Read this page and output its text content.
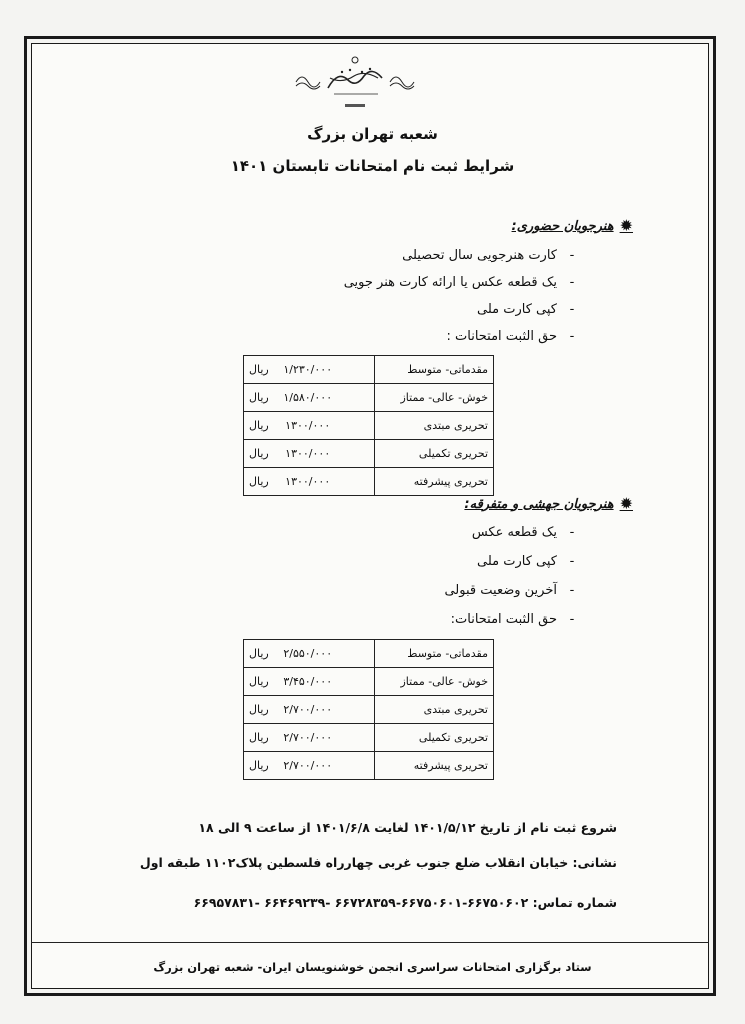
شعبه تهران بزرگ
شرایط ثبت نام امتحانات تابستان ۱۴۰۱
✹
هنرجویان حضوری:
-
کارت هنرجویی سال تحصیلی
-
یک قطعه عکس یا ارائه کارت هنر جویی
-
کپی کارت ملی
-
حق الثبت امتحانات :
مقدماتی- متوسط	۱/۲۳۰/۰۰۰ریال
خوش- عالی- ممتاز	۱/۵۸۰/۰۰۰ریال
تحریری مبتدی	۱۳۰۰/۰۰۰ریال
تحریری تکمیلی	۱۳۰۰/۰۰۰ریال
تحریری پیشرفته	۱۳۰۰/۰۰۰ریال
✹
هنرجویان جهشی و متفرقه:
-
یک قطعه عکس
-
کپی کارت ملی
-
آخرین وضعیت قبولی
-
حق الثبت امتحانات:
مقدماتی- متوسط	۲/۵۵۰/۰۰۰ریال
خوش- عالی- ممتاز	۳/۴۵۰/۰۰۰ریال
تحریری مبتدی	۲/۷۰۰/۰۰۰ریال
تحریری تکمیلی	۲/۷۰۰/۰۰۰ریال
تحریری پیشرفته	۲/۷۰۰/۰۰۰ریال
شروع ثبت نام از تاریخ ۱۴۰۱/۵/۱۲ لغایت ۱۴۰۱/۶/۸ از ساعت ۹ الی ۱۸
نشانی: خیابان انقلاب ضلع جنوب غربی چهارراه فلسطین پلاک۱۱۰۲ طبقه اول
شماره تماس: ۶۶۷۵۰۶۰۲-۶۶۷۵۰۶۰۱-۶۶۷۲۸۳۵۹ -۶۶۴۶۹۲۳۹ -۶۶۹۵۷۸۳۱
ستاد برگزاری امتحانات سراسری انجمن خوشنویسان ایران- شعبه تهران بزرگ
